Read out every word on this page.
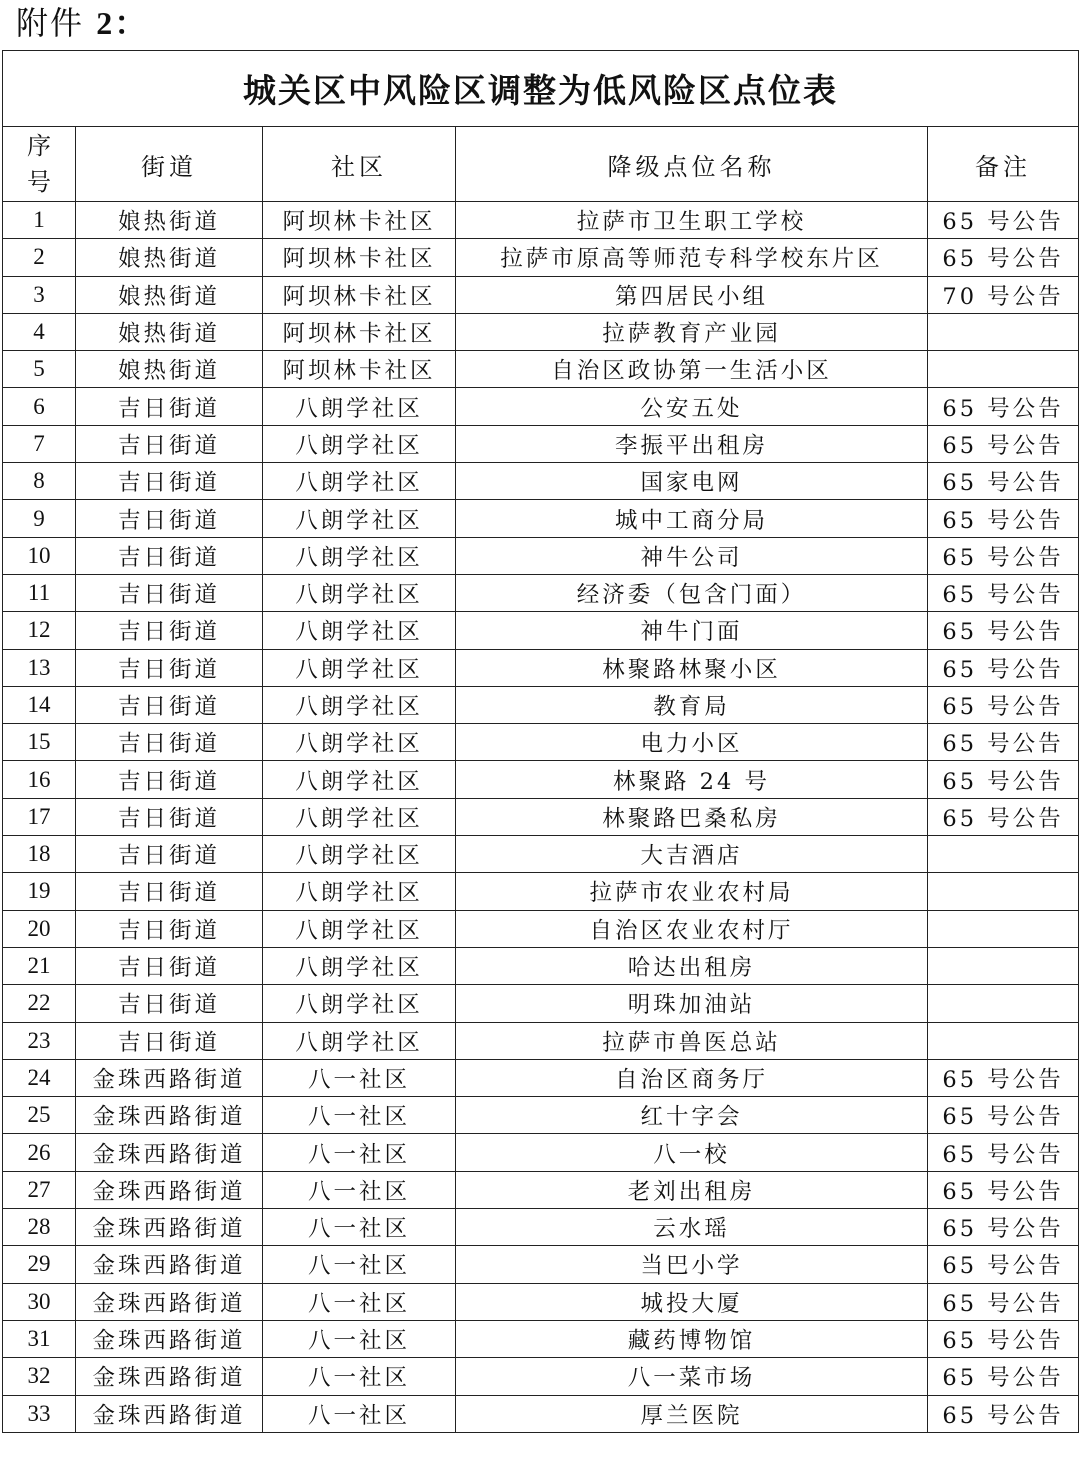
附件 2：
城关区中风险区调整为低风险区点位表				
序
号	街道	社区	降级点位名称	备注
1	娘热街道	阿坝林卡社区	拉萨市卫生职工学校	65 号公告
2	娘热街道	阿坝林卡社区	拉萨市原高等师范专科学校东片区	65 号公告
3	娘热街道	阿坝林卡社区	第四居民小组	70 号公告
4	娘热街道	阿坝林卡社区	拉萨教育产业园	
5	娘热街道	阿坝林卡社区	自治区政协第一生活小区	
6	吉日街道	八朗学社区	公安五处	65 号公告
7	吉日街道	八朗学社区	李振平出租房	65 号公告
8	吉日街道	八朗学社区	国家电网	65 号公告
9	吉日街道	八朗学社区	城中工商分局	65 号公告
10	吉日街道	八朗学社区	神牛公司	65 号公告
11	吉日街道	八朗学社区	经济委（包含门面）	65 号公告
12	吉日街道	八朗学社区	神牛门面	65 号公告
13	吉日街道	八朗学社区	林聚路林聚小区	65 号公告
14	吉日街道	八朗学社区	教育局	65 号公告
15	吉日街道	八朗学社区	电力小区	65 号公告
16	吉日街道	八朗学社区	林聚路 24 号	65 号公告
17	吉日街道	八朗学社区	林聚路巴桑私房	65 号公告
18	吉日街道	八朗学社区	大吉酒店	
19	吉日街道	八朗学社区	拉萨市农业农村局	
20	吉日街道	八朗学社区	自治区农业农村厅	
21	吉日街道	八朗学社区	哈达出租房	
22	吉日街道	八朗学社区	明珠加油站	
23	吉日街道	八朗学社区	拉萨市兽医总站	
24	金珠西路街道	八一社区	自治区商务厅	65 号公告
25	金珠西路街道	八一社区	红十字会	65 号公告
26	金珠西路街道	八一社区	八一校	65 号公告
27	金珠西路街道	八一社区	老刘出租房	65 号公告
28	金珠西路街道	八一社区	云水瑶	65 号公告
29	金珠西路街道	八一社区	当巴小学	65 号公告
30	金珠西路街道	八一社区	城投大厦	65 号公告
31	金珠西路街道	八一社区	藏药博物馆	65 号公告
32	金珠西路街道	八一社区	八一菜市场	65 号公告
33	金珠西路街道	八一社区	厚兰医院	65 号公告
